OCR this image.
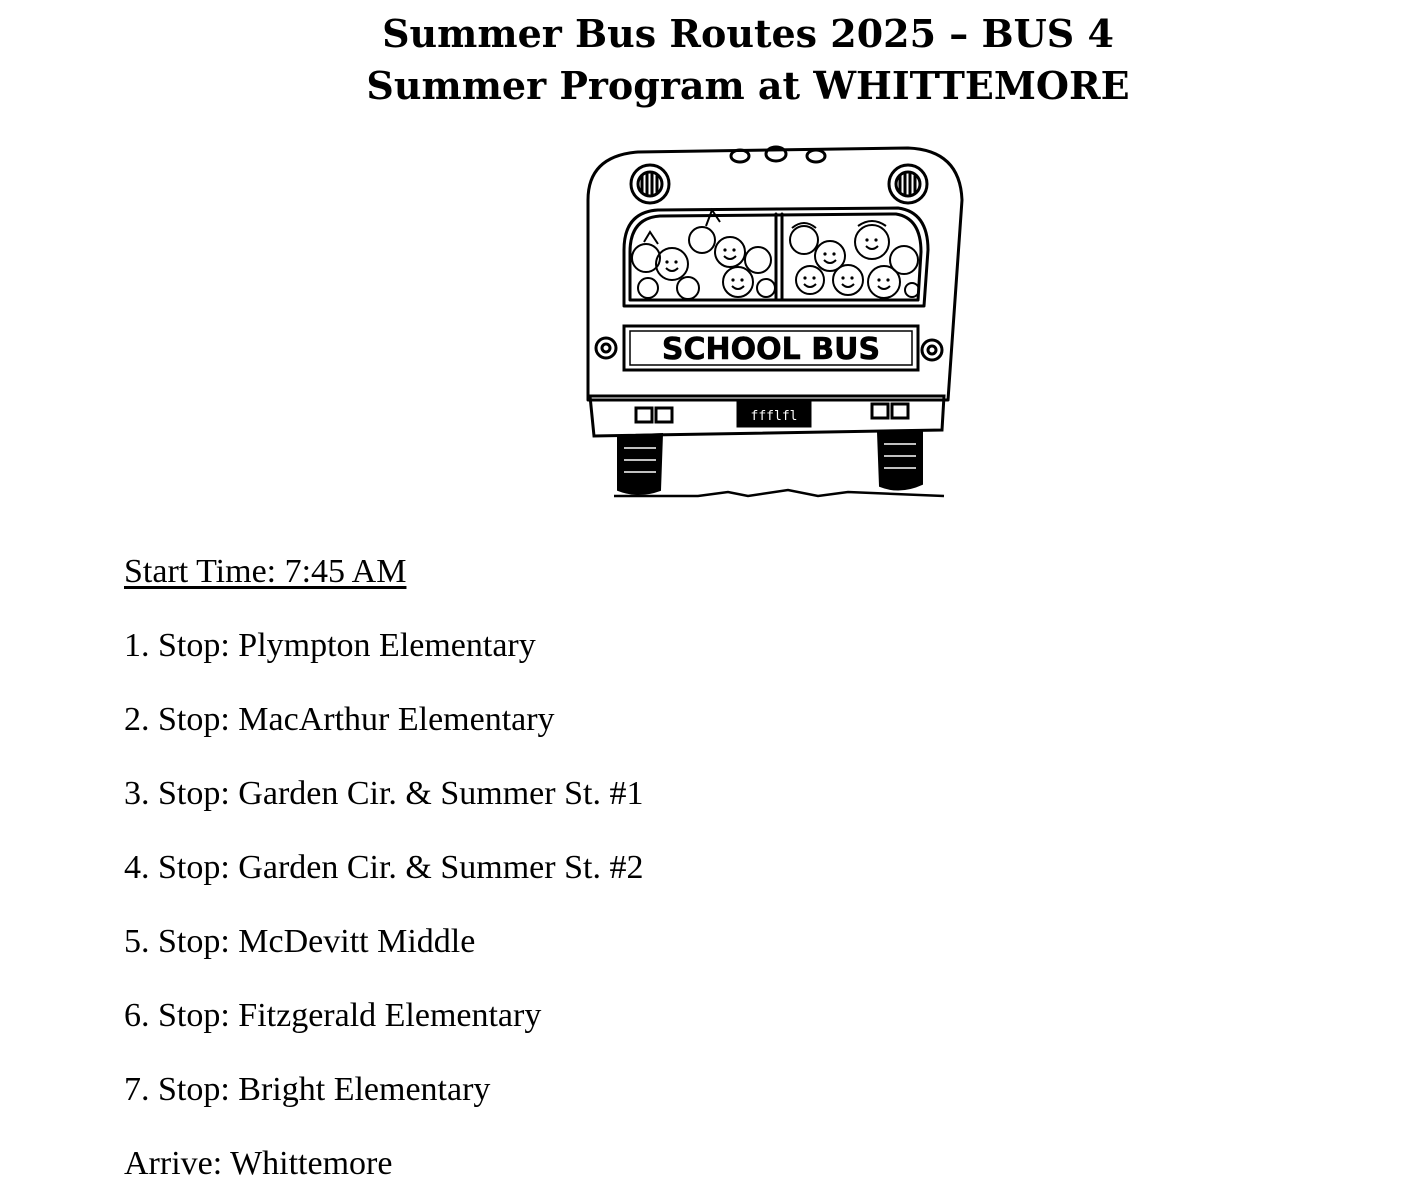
Summer Bus Routes 2025 – BUS 4
Summer Program at WHITTEMORE
SCHOOL BUS
ffflfl
Start Time: 7:45 AM
1. Stop: Plympton Elementary
2. Stop: MacArthur Elementary
3. Stop: Garden Cir. & Summer St. #1
4. Stop: Garden Cir. & Summer St. #2
5. Stop: McDevitt Middle
6. Stop: Fitzgerald Elementary
7. Stop: Bright Elementary
Arrive: Whittemore
